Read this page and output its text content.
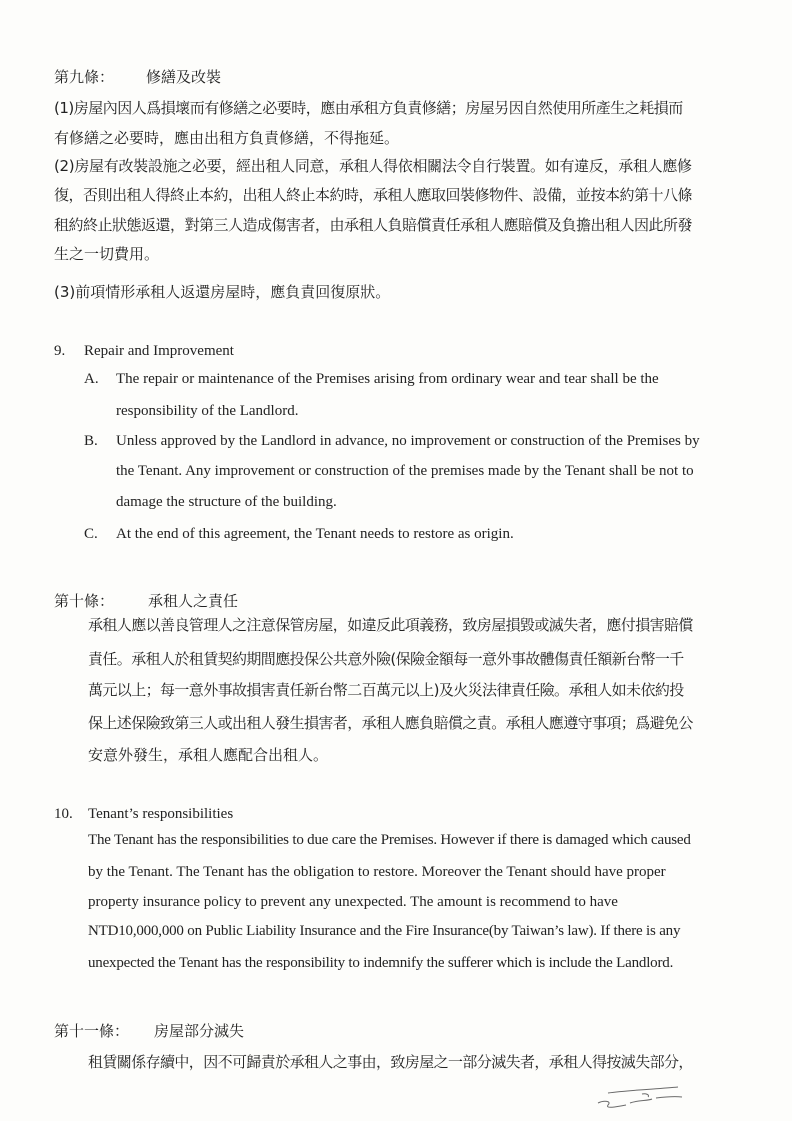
第九條： 修繕及改裝
(1)房屋內因人爲損壞而有修繕之必要時，應由承租方負責修繕；房屋另因自然使用所產生之耗損而
有修繕之必要時，應由出租方負責修繕，不得拖延。
(2)房屋有改裝設施之必要，經出租人同意，承租人得依相關法令自行裝置。如有違反，承租人應修
復，否則出租人得終止本約，出租人終止本約時，承租人應取回裝修物件、設備，並按本約第十八條
租約終止狀態返還，對第三人造成傷害者，由承租人負賠償責任承租人應賠償及負擔出租人因此所發
生之一切費用。
(3)前項情形承租人返還房屋時，應負責回復原狀。
9. Repair and Improvement
A. The repair or maintenance of the Premises arising from ordinary wear and tear shall be the
responsibility of the Landlord.
B. Unless approved by the Landlord in advance, no improvement or construction of the Premises by
the Tenant. Any improvement or construction of the premises made by the Tenant shall be not to
damage the structure of the building.
C. At the end of this agreement, the Tenant needs to restore as origin.
第十條： 承租人之責任
承租人應以善良管理人之注意保管房屋，如違反此項義務，致房屋損毀或滅失者，應付損害賠償
責任。承租人於租賃契約期間應投保公共意外險(保險金額每一意外事故體傷責任額新台幣一千
萬元以上；每一意外事故損害責任新台幣二百萬元以上)及火災法律責任險。承租人如未依約投
保上述保險致第三人或出租人發生損害者，承租人應負賠償之責。承租人應遵守事項；爲避免公
安意外發生，承租人應配合出租人。
10. Tenant’s responsibilities
The Tenant has the responsibilities to due care the Premises. However if there is damaged which caused
by the Tenant. The Tenant has the obligation to restore. Moreover the Tenant should have proper
property insurance policy to prevent any unexpected. The amount is recommend to have
NTD10,000,000 on Public Liability Insurance and the Fire Insurance(by Taiwan’s law). If there is any
unexpected the Tenant has the responsibility to indemnify the sufferer which is include the Landlord.
第十一條： 房屋部分滅失
租賃關係存續中，因不可歸責於承租人之事由，致房屋之一部分滅失者，承租人得按滅失部分，
